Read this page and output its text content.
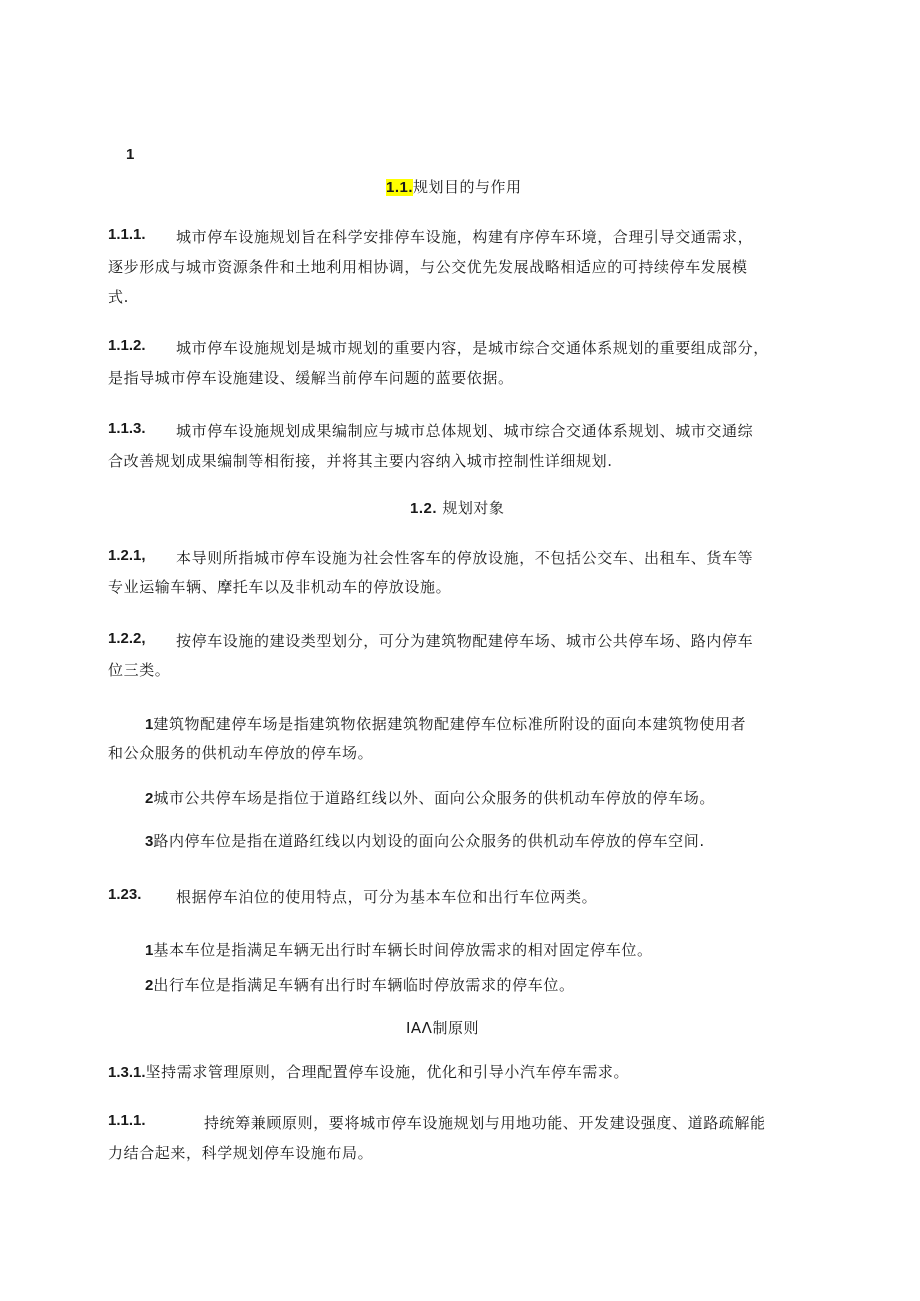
1
1.1.规划目的与作用
1.1.1. 城市停车设施规划旨在科学安排停车设施，构建有序停车环境，合理引导交通需求，
逐步形成与城市资源条件和土地利用相协调，与公交优先发展战略相适应的可持续停车发展模
式.
1.1.2. 城市停车设施规划是城市规划的重要内容，是城市综合交通体系规划的重要组成部分，
是指导城市停车设施建设、缓解当前停车问题的蓝要依据。
1.1.3. 城市停车设施规划成果编制应与城市总体规划、城市综合交通体系规划、城市交通综
合改善规划成果编制等相衔接，并将其主要内容纳入城市控制性详细规划.
1.2. 规划对象
1.2.1, 本导则所指城市停车设施为社会性客车的停放设施，不包括公交车、出租车、货车等
专业运输车辆、摩托车以及非机动车的停放设施。
1.2.2, 按停车设施的建设类型划分，可分为建筑物配建停车场、城市公共停车场、路内停车
位三类。
1建筑物配建停车场是指建筑物依据建筑物配建停车位标准所附设的面向本建筑物使用者
和公众服务的供机动车停放的停车场。
2城市公共停车场是指位于道路红线以外、面向公众服务的供机动车停放的停车场。
3路内停车位是指在道路红线以内划设的面向公众服务的供机动车停放的停车空间.
1.23. 根据停车泊位的使用特点，可分为基本车位和出行车位两类。
1基本车位是指满足车辆无出行时车辆长时间停放需求的相对固定停车位。
2出行车位是指满足车辆有出行时车辆临时停放需求的停车位。
IAΛ制原则
1.3.1.坚持需求管理原则，合理配置停车设施，优化和引导小汽车停车需求。
1.1.1.	持统筹兼顾原则，要将城市停车设施规划与用地功能、开发建设强度、道路疏解能
力结合起来，科学规划停车设施布局。
